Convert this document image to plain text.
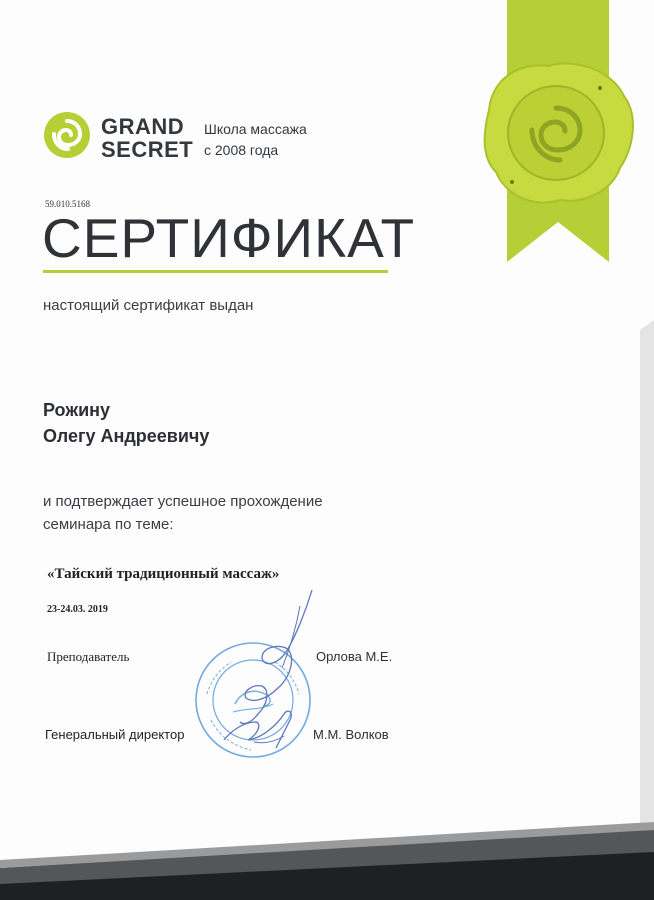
GRAND
SECRET
Школа массажа
с 2008 года
59.010.5168
СЕРТИФИКАТ
настоящий сертификат выдан
Рожину
Олегу Андреевичу
и подтверждает успешное прохождение
семинара по теме:
«Тайский традиционный массаж»
23-24.03. 2019
Преподаватель	Орлова М.Е.
Генеральный директор	М.М. Волков
